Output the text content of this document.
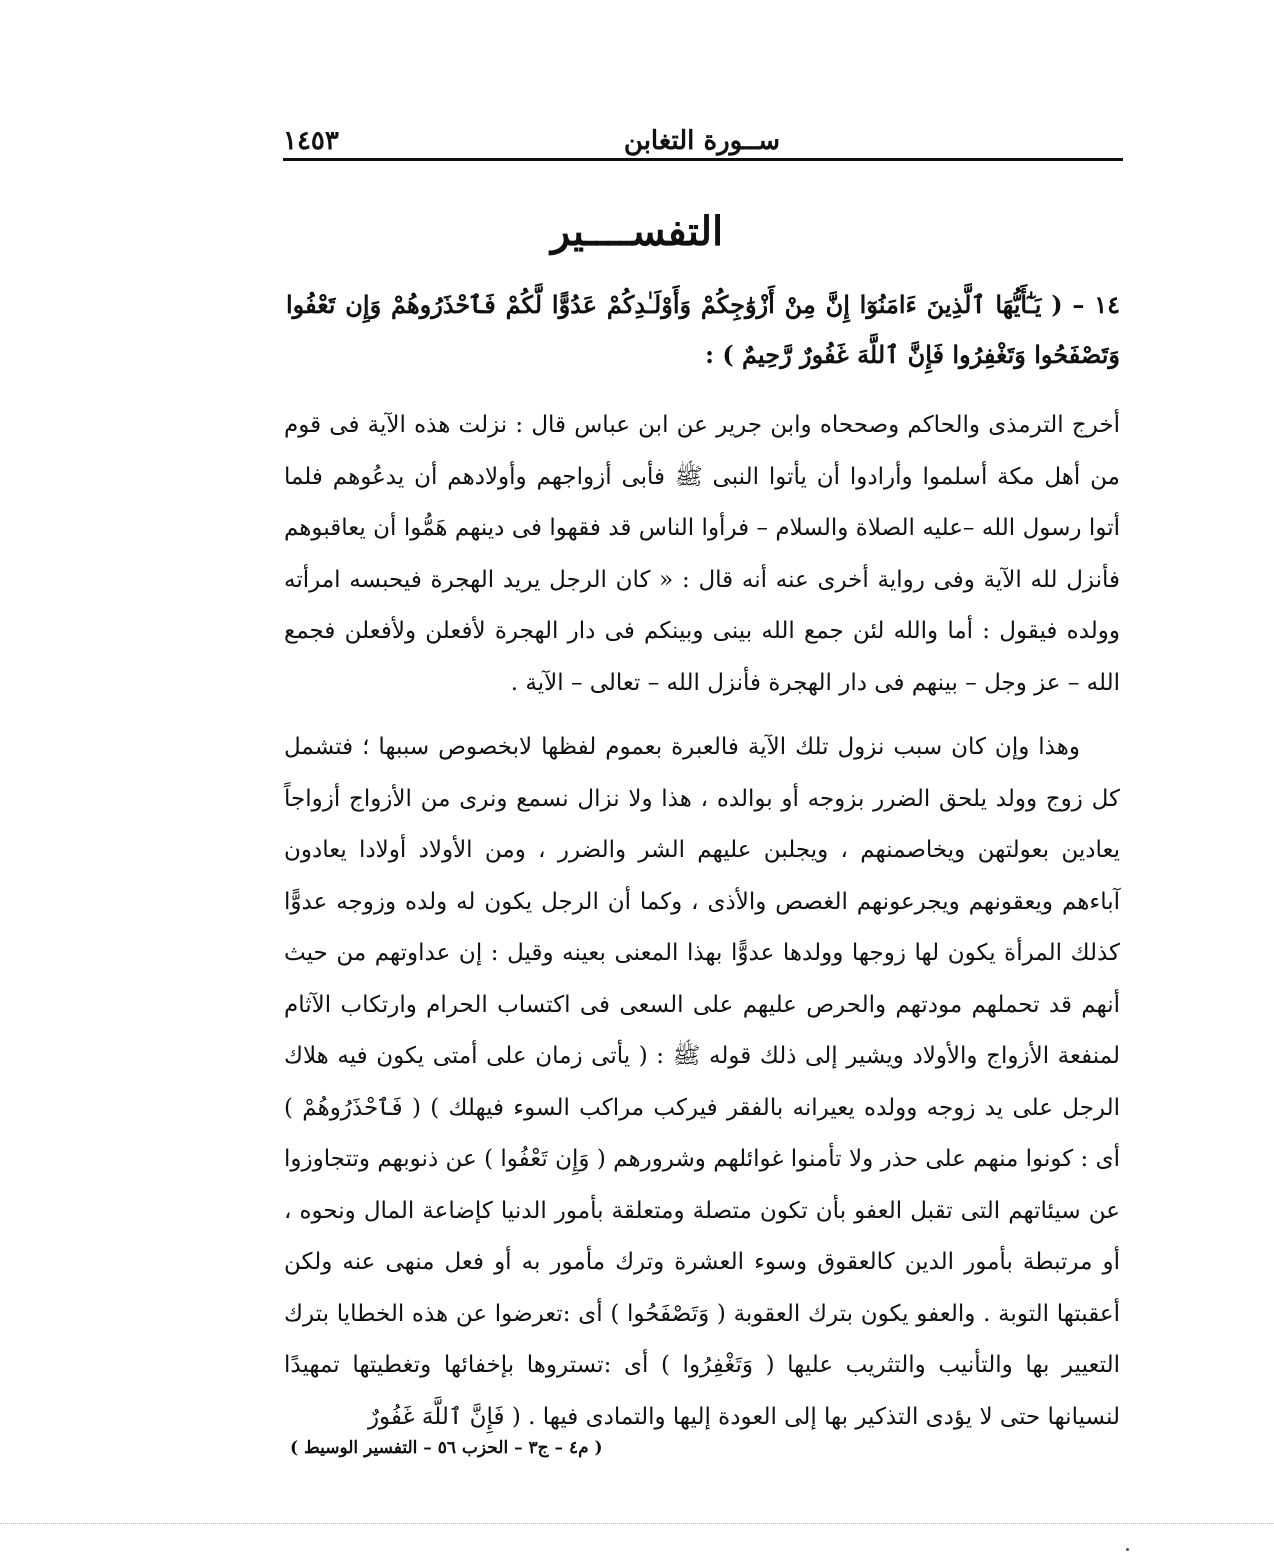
ســورة التغابن
١٤٥٣
التفســــير
١٤ – ( يَـٰٓأَيُّهَا ٱلَّذِينَ ءَامَنُوٓا إِنَّ مِنْ أَزْوَٰجِكُمْ وَأَوْلَـٰدِكُمْ عَدُوًّا لَّكُمْ فَٱحْذَرُوهُمْ وَإِن تَعْفُوا وَتَصْفَحُوا وَتَغْفِرُوا فَإِنَّ ٱللَّهَ غَفُورٌ رَّحِيمٌ ) :

أخرج الترمذى والحاكم وصححاه وابن جرير عن ابن عباس قال : نزلت هذه الآية فى قوم من أهل مكة أسلموا وأرادوا أن يأتوا النبى ﷺ فأبى أزواجهم وأولادهم أن يدعُوهم فلما أتوا رسول الله –عليه الصلاة والسلام – فرأوا الناس قد فقهوا فى دينهم هَمُّوا أن يعاقبوهم فأنزل لله الآية وفى رواية أخرى عنه أنه قال : « كان الرجل يريد الهجرة فيحبسه امرأته وولده فيقول : أما والله لئن جمع الله بينى وبينكم فى دار الهجرة لأفعلن ولأفعلن فجمع الله – عز وجل – بينهم فى دار الهجرة فأنزل الله – تعالى – الآية .

وهذا وإن كان سبب نزول تلك الآية فالعبرة بعموم لفظها لابخصوص سببها ؛ فتشمل كل زوج وولد يلحق الضرر بزوجه أو بوالده ، هذا ولا نزال نسمع ونرى من الأزواج أزواجاً يعادين بعولتهن ويخاصمنهم ، ويجلبن عليهم الشر والضرر ، ومن الأولاد أولادا يعادون آباءهم ويعقونهم ويجرعونهم الغصص والأذى ، وكما أن الرجل يكون له ولده وزوجه عدوًّا كذلك المرأة يكون لها زوجها وولدها عدوًّا بهذا المعنى بعينه وقيل : إن عداوتهم من حيث أنهم قد تحملهم مودتهم والحرص عليهم على السعى فى اكتساب الحرام وارتكاب الآثام لمنفعة الأزواج والأولاد ويشير إلى ذلك قوله ﷺ : ( يأتى زمان على أمتى يكون فيه هلاك الرجل على يد زوجه وولده يعيرانه بالفقر فيركب مراكب السوء فيهلك ) ( فَٱحْذَرُوهُمْ ) أى : كونوا منهم على حذر ولا تأمنوا غوائلهم وشرورهم ( وَإِن تَعْفُوا ) عن ذنوبهم وتتجاوزوا عن سيئاتهم التى تقبل العفو بأن تكون متصلة ومتعلقة بأمور الدنيا كإضاعة المال ونحوه ، أو مرتبطة بأمور الدين كالعقوق وسوء العشرة وترك مأمور به أو فعل منهى عنه ولكن أعقبتها التوبة . والعفو يكون بترك العقوبة ( وَتَصْفَحُوا ) أى :تعرضوا عن هذه الخطايا بترك التعيير بها والتأنيب والتثريب عليها ( وَتَغْفِرُوا ) أى :تستروها بإخفائها وتغطيتها تمهيدًا لنسيانها حتى لا يؤدى التذكير بها إلى العودة إليها والتمادى فيها . ( فَإِنَّ ٱللَّهَ غَفُورٌ

( م٤ – ج٣ – الحزب ٥٦ – التفسير الوسيط )
